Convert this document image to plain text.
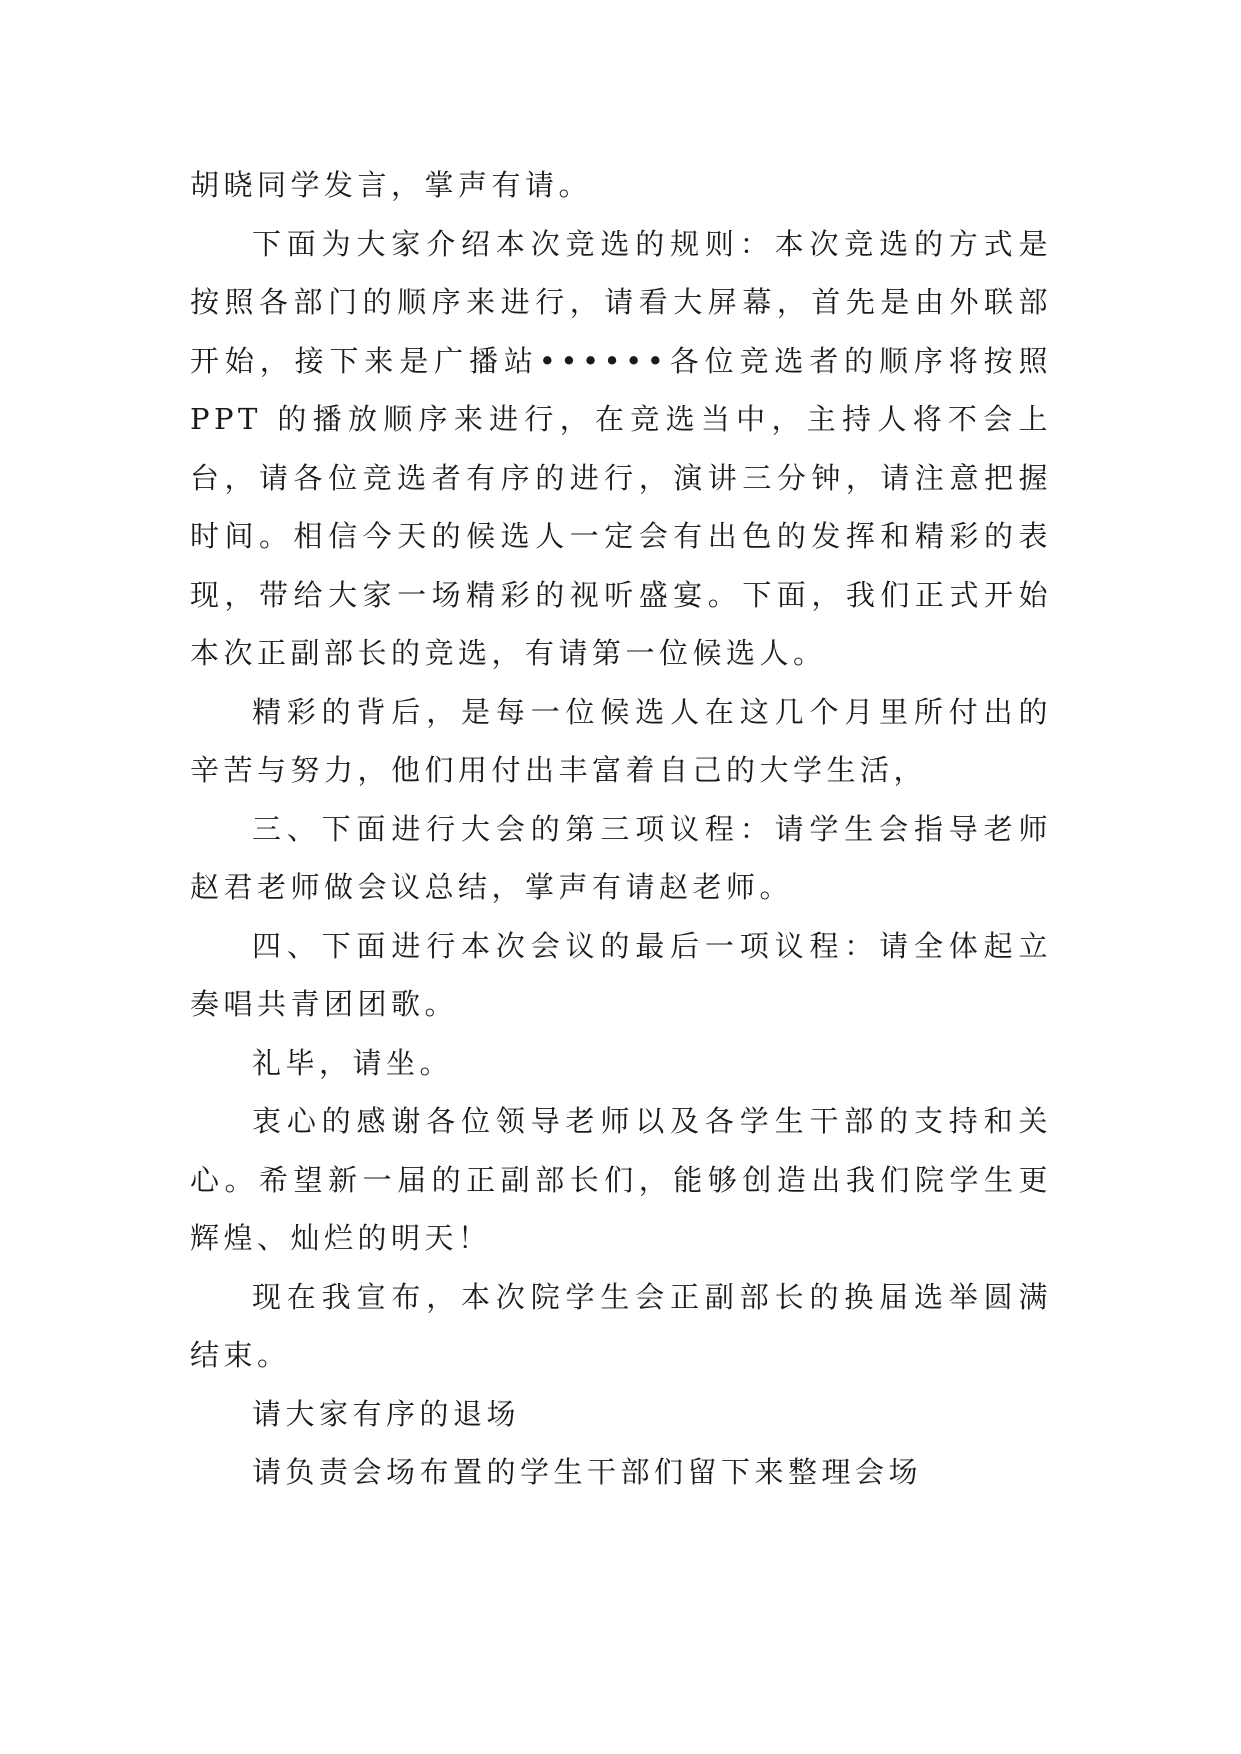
胡晓同学发言，掌声有请。

下面为大家介绍本次竞选的规则：本次竞选的方式是按照各部门的顺序来进行，请看大屏幕，首先是由外联部开始，接下来是广播站••••••各位竞选者的顺序将按照 PPT 的播放顺序来进行，在竞选当中，主持人将不会上台，请各位竞选者有序的进行，演讲三分钟，请注意把握时间。相信今天的候选人一定会有出色的发挥和精彩的表现，带给大家一场精彩的视听盛宴。下面，我们正式开始本次正副部长的竞选，有请第一位候选人。

精彩的背后，是每一位候选人在这几个月里所付出的辛苦与努力，他们用付出丰富着自己的大学生活，

三、下面进行大会的第三项议程：请学生会指导老师赵君老师做会议总结，掌声有请赵老师。

四、下面进行本次会议的最后一项议程：请全体起立奏唱共青团团歌。

礼毕，请坐。

衷心的感谢各位领导老师以及各学生干部的支持和关心。希望新一届的正副部长们，能够创造出我们院学生更辉煌、灿烂的明天！

现在我宣布，本次院学生会正副部长的换届选举圆满结束。

请大家有序的退场

请负责会场布置的学生干部们留下来整理会场
